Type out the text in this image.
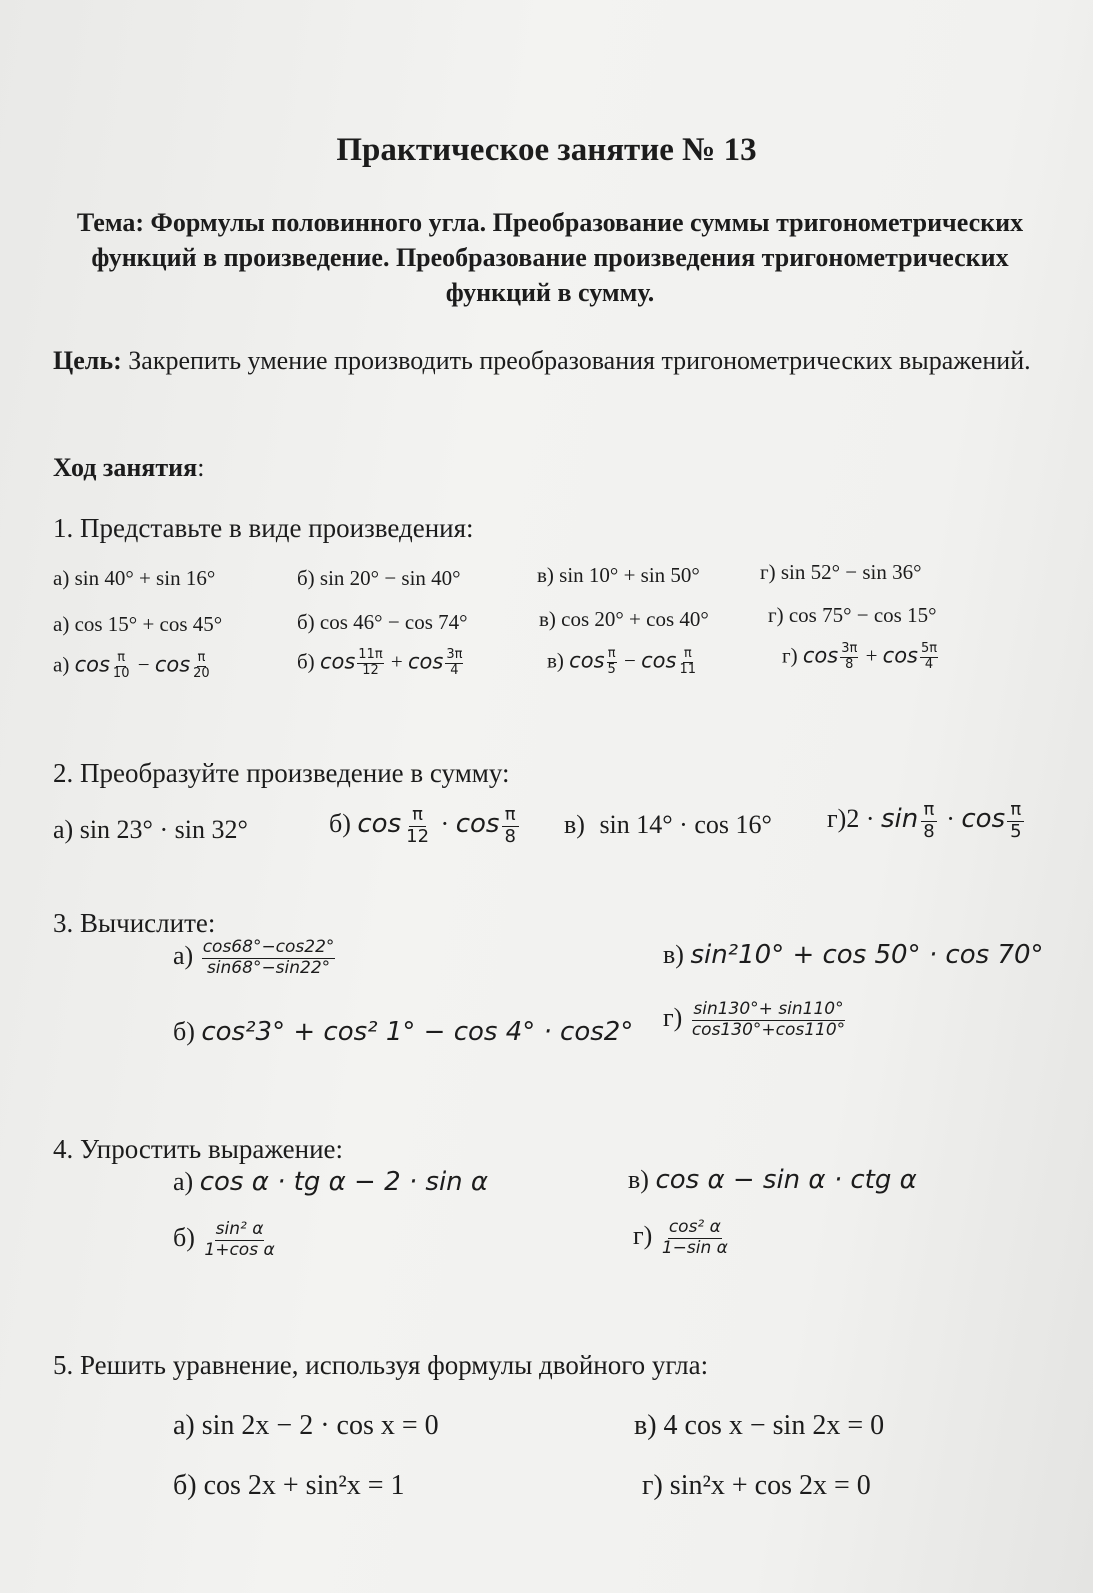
Практическое занятие № 13
Тема: Формулы половинного угла. Преобразование суммы тригонометрических функций в произведение. Преобразование произведения тригонометрических функций в сумму.
Цель: Закрепить умение производить преобразования тригонометрических выражений.
Ход занятия:
1. Представьте в виде произведения:
а) sin 40° + sin 16°	б) sin 20° − sin 40°	в) sin 10° + sin 50°	г) sin 52° − sin 36°
а) cos 15° + cos 45°	б) cos 46° − cos 74°	в) cos 20° + cos 40°	г) cos 75° − cos 15°
а) $\cos \frac{\pi}{10} - \cos \frac{\pi}{20}$	б) $\cos \frac{11\pi}{12} + \cos \frac{3\pi}{4}$	в) $\cos \frac{\pi}{5} - \cos \frac{\pi}{11}$	г) $\cos \frac{3\pi}{8} + \cos \frac{5\pi}{4}$
2. Преобразуйте произведение в сумму:
а) sin 23° · sin 32°	б) $\cos \frac{\pi}{12} \cdot \cos \frac{\pi}{8} в$) sin 14° · cos 16° $г)2 \cdot \sin \frac{\pi}{8} \cdot \cos \frac{\pi}{5}$
3. Вычислите:
$а) \frac{\cos 68^\circ-\cos 22^\circ}{\sin 68^\circ-\sin 22^\circ}$	в) sin²10° + cos 50° · cos 70°
б) cos²3° + cos² 1° − cos 4° · cos2° $г) \frac{\sin 130^\circ+ \sin 110^\circ}{\cos 130^\circ+\cos 110^\circ}$
4. Упростить выражение:
а) cos α · tg α − 2 · sin α	в) cos α − sin α · ctg α
$б) \frac{\text{sin² α}}{\text{1+cos α}}$	$г) \frac{\text{cos² α}}{\text{1−sin α}}$
5. Решить уравнение, используя формулы двойного угла:
а) sin 2x − 2 · cos x = 0	в) 4 cos x − sin 2x = 0
б) cos 2x + sin²x = 1	г) sin²x + cos 2x = 0
